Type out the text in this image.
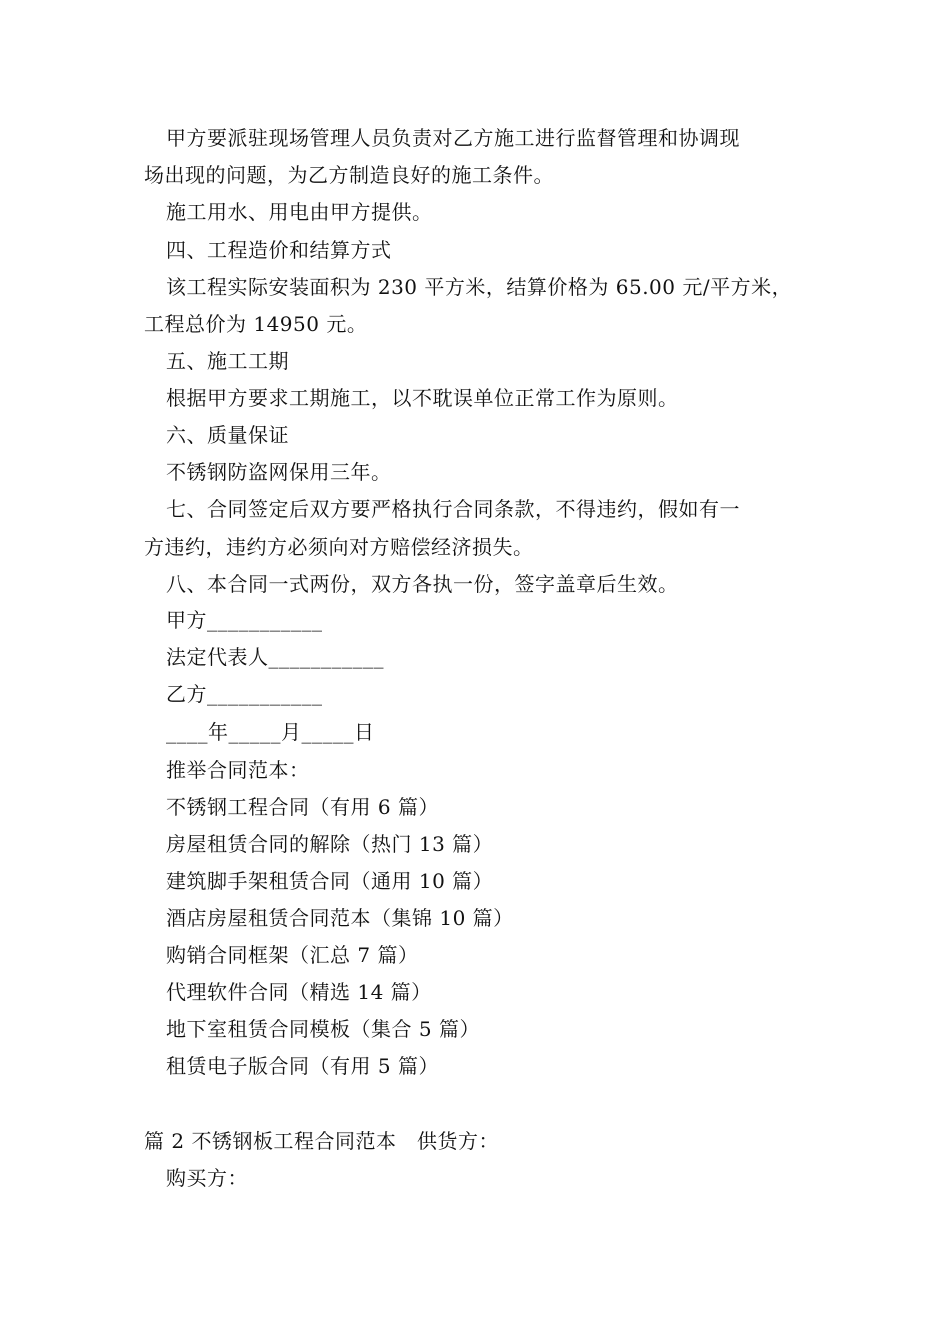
甲方要派驻现场管理人员负责对乙方施工进行监督管理和协调现
场出现的问题，为乙方制造良好的施工条件。
施工用水、用电由甲方提供。
四、工程造价和结算方式
该工程实际安装面积为 230 平方米，结算价格为 65.00 元/平方米，
工程总价为 14950 元。
五、施工工期
根据甲方要求工期施工，以不耽误单位正常工作为原则。
六、质量保证
不锈钢防盗网保用三年。
七、合同签定后双方要严格执行合同条款，不得违约，假如有一
方违约，违约方必须向对方赔偿经济损失。
八、本合同一式两份，双方各执一份，签字盖章后生效。
甲方___________
法定代表人___________
乙方___________
____年_____月_____日
推举合同范本：
不锈钢工程合同（有用 6 篇）
房屋租赁合同的解除（热门 13 篇）
建筑脚手架租赁合同（通用 10 篇）
酒店房屋租赁合同范本（集锦 10 篇）
购销合同框架（汇总 7 篇）
代理软件合同（精选 14 篇）
地下室租赁合同模板（集合 5 篇）
租赁电子版合同（有用 5 篇）
篇 2 不锈钢板工程合同范本　供货方：
购买方：
